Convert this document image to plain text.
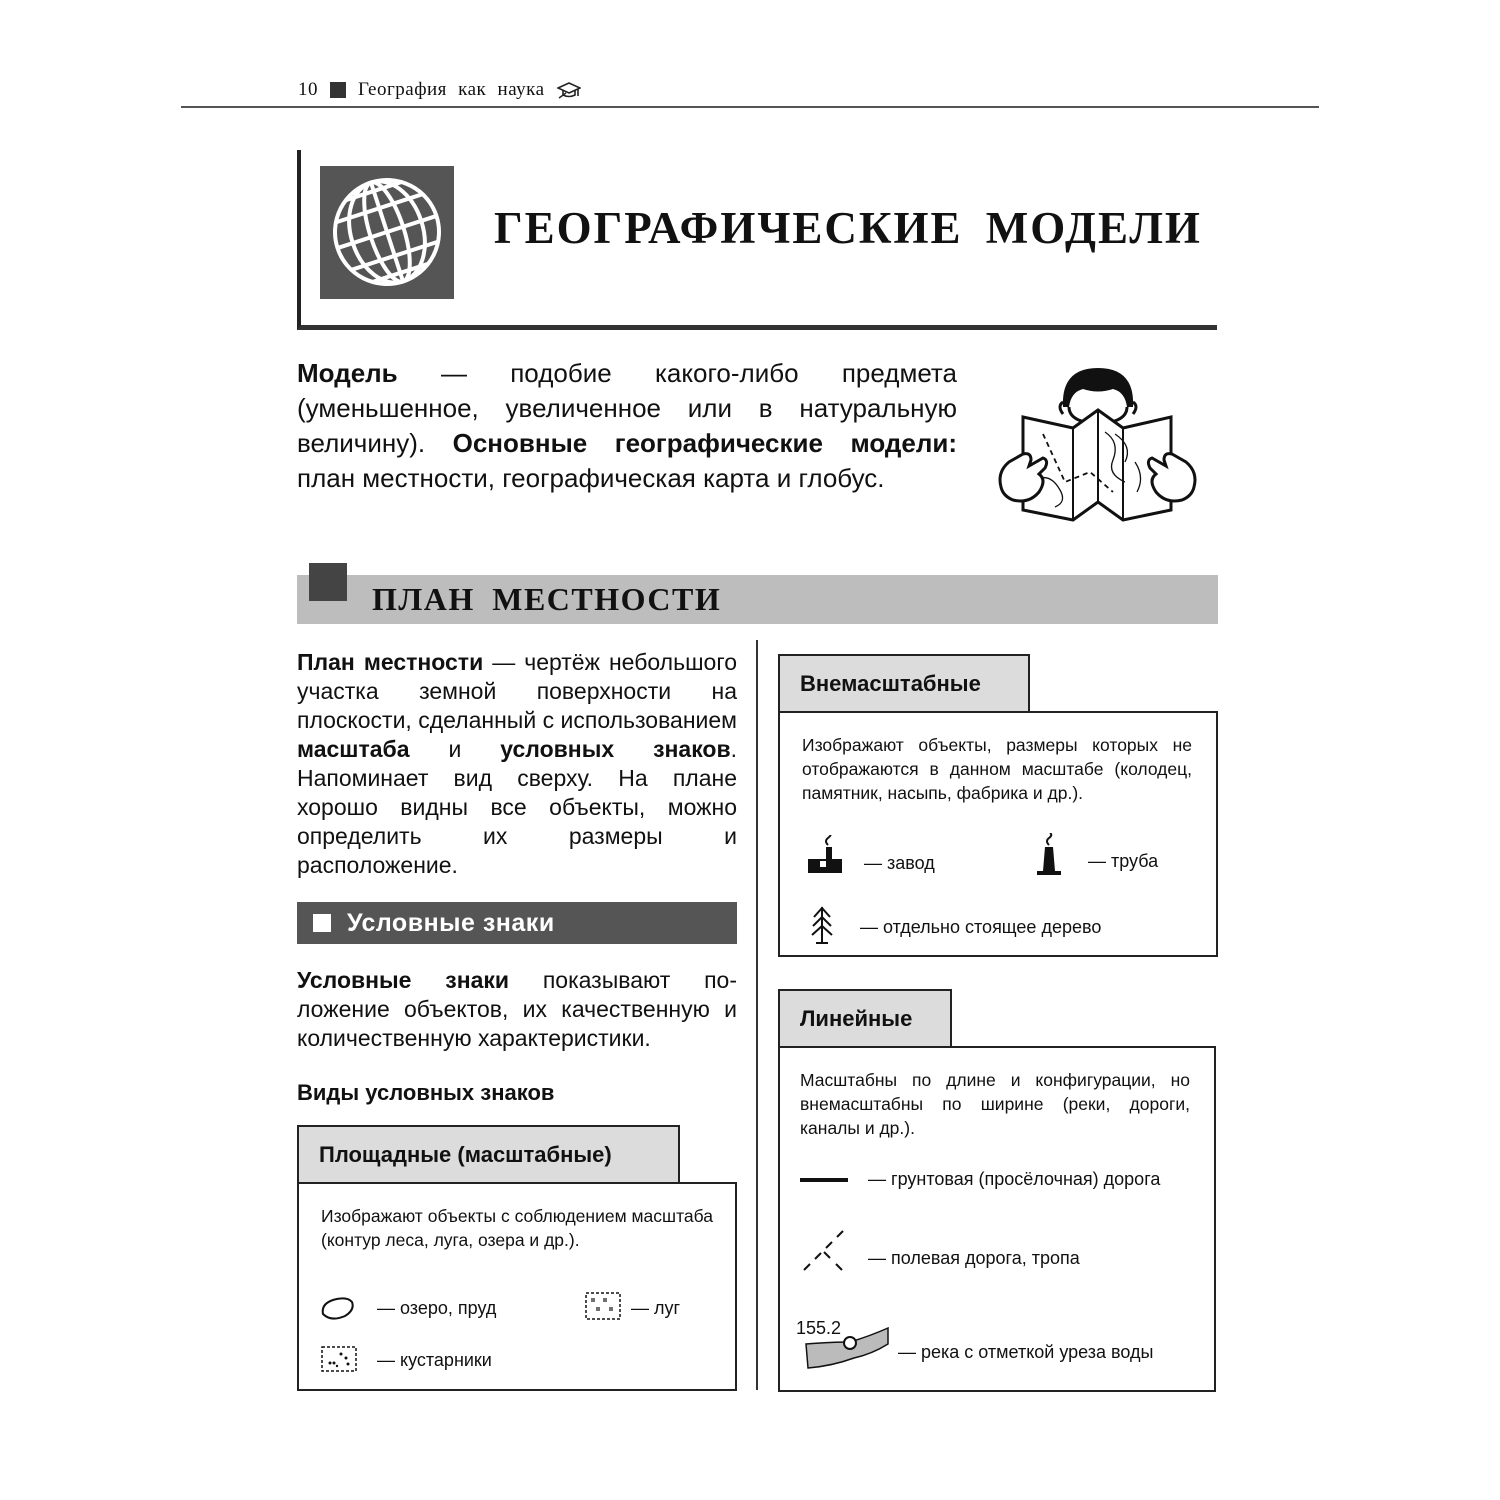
10 География как наука
ГЕОГРАФИЧЕСКИЕ МОДЕЛИ
Модель — подобие какого-либо предмета (уменьшенное, увеличенное или в натуральную величину). Основные географические модели: план местности, географическая карта и глобус.
ПЛАН МЕСТНОСТИ
План местности — чертёж небольшого участка земной поверхности на плоскости, сделанный с использованием масштаба и условных знаков. Напоминает вид сверху. На плане хорошо видны все объекты, можно определить их размеры и расположение.
Условные знаки
Условные знаки показывают положение объектов, их качественную и количественную характеристики.
Виды условных знаков
Площадные (масштабные)
Изображают объекты с соблюдением масштаба (контур леса, луга, озера и др.).
— озеро, пруд	— луг
— кустарники
Внемасштабные
Изображают объекты, размеры которых не отображаются в данном масштабе (колодец, памятник, насыпь, фабрика и др.).
— завод	— труба
— отдельно стоящее дерево
Линейные
Масштабны по длине и конфигурации, но внемасштабны по ширине (реки, дороги, каналы и др.).
— грунтовая (просёлочная) дорога
— полевая дорога, тропа
155.2
— река с отметкой уреза воды
